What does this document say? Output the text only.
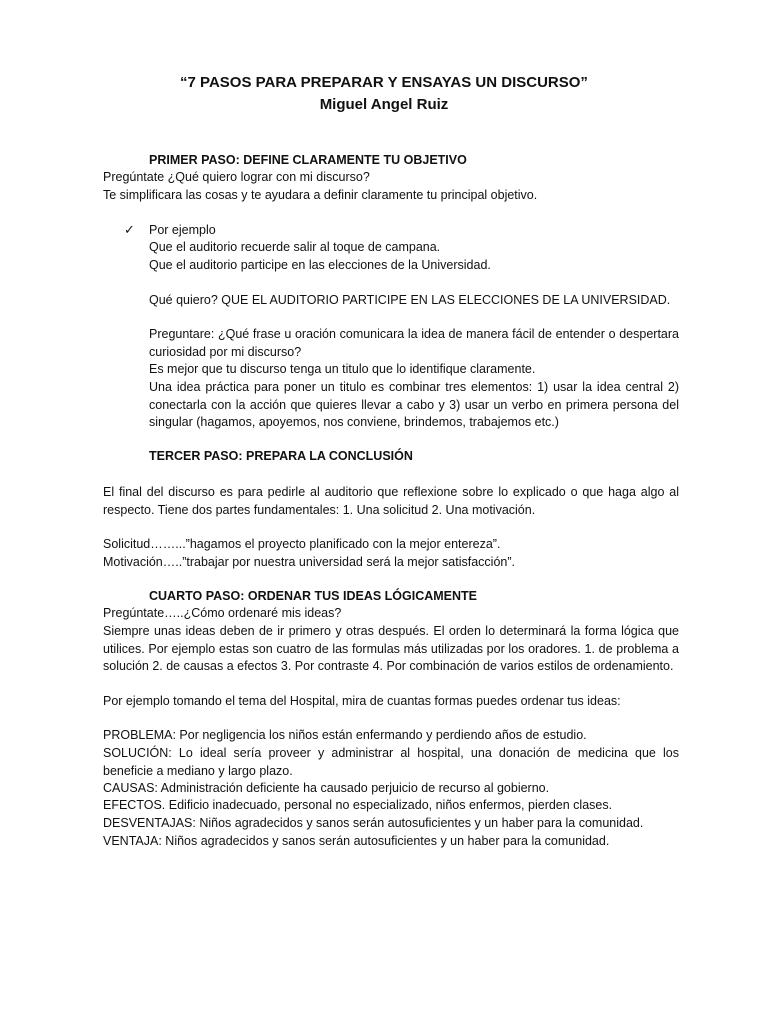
“7 PASOS PARA PREPARAR Y ENSAYAS UN DISCURSO”
Miguel Angel Ruiz
PRIMER PASO: DEFINE CLARAMENTE TU OBJETIVO
Pregúntate ¿Qué quiero lograr con mi discurso?
Te simplificara las cosas y te ayudara a definir claramente tu principal objetivo.
✓ Por ejemplo
Que el auditorio recuerde salir al toque de campana.
Que el auditorio participe en las elecciones de la Universidad.
Qué quiero? QUE EL AUDITORIO PARTICIPE EN LAS ELECCIONES DE LA UNIVERSIDAD.
Preguntare: ¿Qué frase u oración comunicara la idea de manera fácil de entender o despertara curiosidad por mi discurso?
Es mejor que tu discurso tenga un titulo que lo identifique claramente.
Una idea práctica para poner un titulo es combinar tres elementos: 1) usar la idea central 2) conectarla con la acción que quieres llevar a cabo y 3) usar un verbo en primera persona del singular (hagamos, apoyemos, nos conviene, brindemos, trabajemos etc.)
TERCER PASO: PREPARA LA CONCLUSIÓN
El final del discurso es para pedirle al auditorio que reflexione sobre lo explicado o que haga algo al respecto. Tiene dos partes fundamentales: 1. Una solicitud 2. Una motivación.
Solicitud……...”hagamos el proyecto planificado con la mejor entereza”.
Motivación…..”trabajar por nuestra universidad será la mejor satisfacción”.
CUARTO PASO: ORDENAR TUS IDEAS LÓGICAMENTE
Pregúntate…..¿Cómo ordenaré mis ideas?
Siempre unas ideas deben de ir primero y otras después. El orden lo determinará la forma lógica que utilices. Por ejemplo estas son cuatro de las formulas más utilizadas por los oradores. 1. de problema a solución 2. de causas a efectos 3. Por contraste 4. Por combinación de varios estilos de ordenamiento.
Por ejemplo tomando el tema del Hospital, mira de cuantas formas puedes ordenar tus ideas:
PROBLEMA: Por negligencia los niños están enfermando y perdiendo años de estudio.
SOLUCIÓN: Lo ideal sería proveer y administrar al hospital, una donación de medicina que los beneficie a mediano y largo plazo.
CAUSAS: Administración deficiente ha causado perjuicio de recurso al gobierno.
EFECTOS. Edificio inadecuado, personal no especializado, niños enfermos, pierden clases.
DESVENTAJAS: Niños agradecidos y sanos serán autosuficientes y un haber para la comunidad.
VENTAJA: Niños agradecidos y sanos serán autosuficientes y un haber para la comunidad.
